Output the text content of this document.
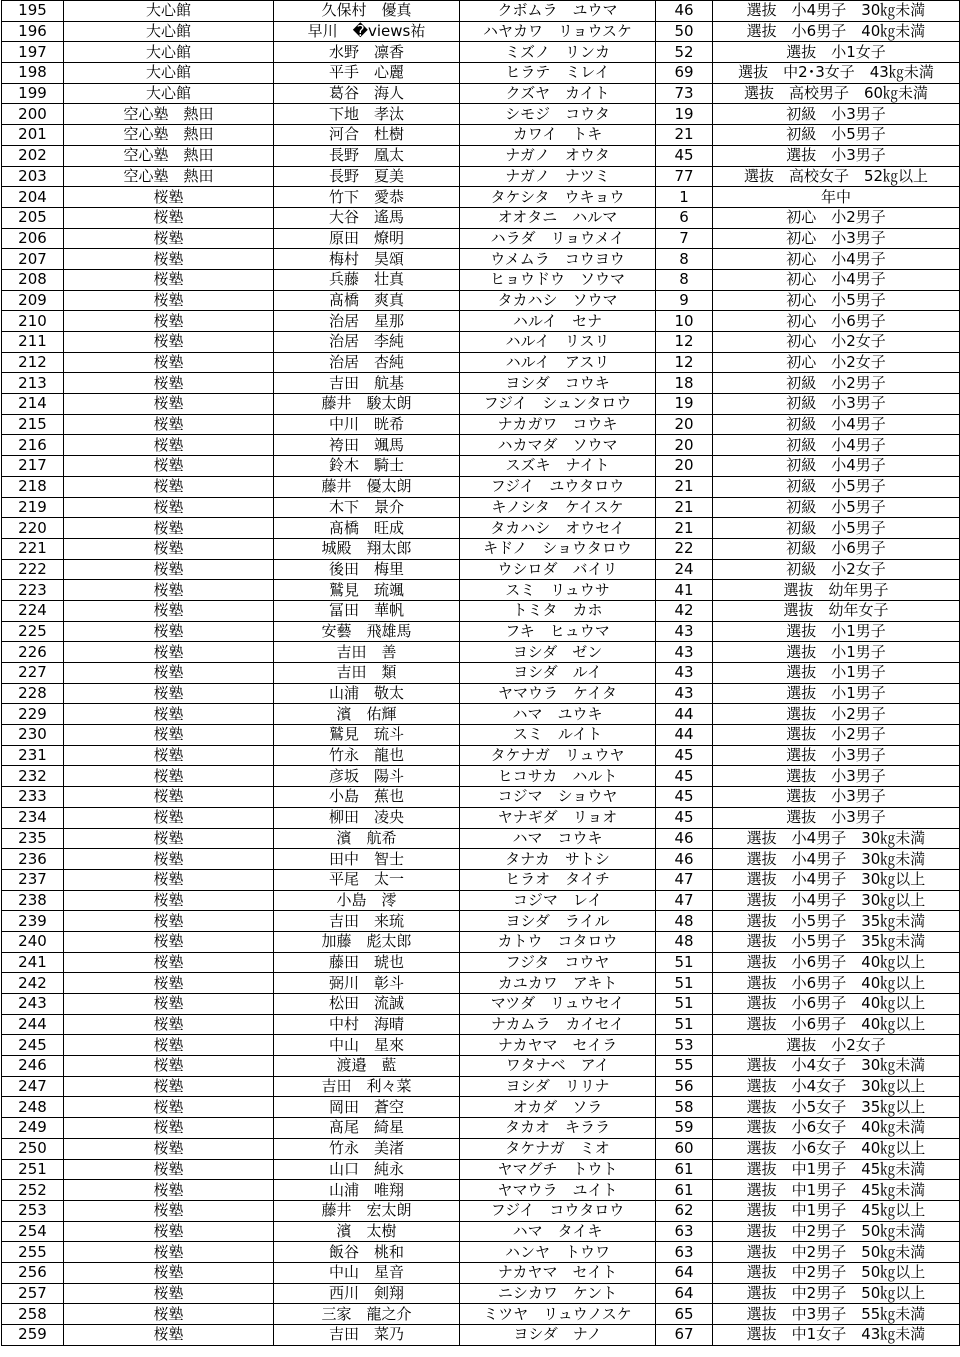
195	大心館	久保村　優真	クボムラ　ユウマ	46	選抜　小4男子　30㎏未満
196	大心館	早川　�views祐	ハヤカワ　リョウスケ	50	選抜　小6男子　40㎏未満
197	大心館	水野　凛香	ミズノ　リンカ	52	選抜　小1女子
198	大心館	平手　心麗	ヒラテ　ミレイ	69	選抜　中2･3女子　43㎏未満
199	大心館	葛谷　海人	クズヤ　カイト	73	選抜　高校男子　60㎏未満
200	空心塾　熱田	下地　孝汰	シモジ　コウタ	19	初級　小3男子
201	空心塾　熱田	河合　杜樹	カワイ　トキ	21	初級　小5男子
202	空心塾　熱田	長野　凰太	ナガノ　オウタ	45	選抜　小3男子
203	空心塾　熱田	長野　夏美	ナガノ　ナツミ	77	選抜　高校女子　52㎏以上
204	桜塾	竹下　愛恭	タケシタ　ウキョウ	1	年中
205	桜塾	大谷　遙馬	オオタニ　ハルマ	6	初心　小2男子
206	桜塾	原田　燎明	ハラダ　リョウメイ	7	初心　小3男子
207	桜塾	梅村　昊頌	ウメムラ　コウヨウ	8	初心　小4男子
208	桜塾	兵藤　壮真	ヒョウドウ　ソウマ	8	初心　小4男子
209	桜塾	髙橋　爽真	タカハシ　ソウマ	9	初心　小5男子
210	桜塾	治居　星那	ハルイ　セナ	10	初心　小6男子
211	桜塾	治居　李純	ハルイ　リスリ	12	初心　小2女子
212	桜塾	治居　杏純	ハルイ　アスリ	12	初心　小2女子
213	桜塾	吉田　航基	ヨシダ　コウキ	18	初級　小2男子
214	桜塾	藤井　駿太朗	フジイ　シュンタロウ	19	初級　小3男子
215	桜塾	中川　晄希	ナカガワ　コウキ	20	初級　小4男子
216	桜塾	袴田　颯馬	ハカマダ　ソウマ	20	初級　小4男子
217	桜塾	鈴木　騎士	スズキ　ナイト	20	初級　小4男子
218	桜塾	藤井　優太朗	フジイ　ユウタロウ	21	初級　小5男子
219	桜塾	木下　景介	キノシタ　ケイスケ	21	初級　小5男子
220	桜塾	髙橋　旺成	タカハシ　オウセイ	21	初級　小5男子
221	桜塾	城殿　翔太郎	キドノ　ショウタロウ	22	初級　小6男子
222	桜塾	後田　梅里	ウシロダ　バイリ	24	初級　小2女子
223	桜塾	鷲見　琉颯	スミ　リュウサ	41	選抜　幼年男子
224	桜塾	冨田　華帆	トミタ　カホ	42	選抜　幼年女子
225	桜塾	安藝　飛雄馬	フキ　ヒュウマ	43	選抜　小1男子
226	桜塾	吉田　善	ヨシダ　ゼン	43	選抜　小1男子
227	桜塾	吉田　類	ヨシダ　ルイ	43	選抜　小1男子
228	桜塾	山浦　敬太	ヤマウラ　ケイタ	43	選抜　小1男子
229	桜塾	濱　佑輝	ハマ　ユウキ	44	選抜　小2男子
230	桜塾	鷲見　琉斗	スミ　ルイト	44	選抜　小2男子
231	桜塾	竹永　龍也	タケナガ　リュウヤ	45	選抜　小3男子
232	桜塾	彦坂　陽斗	ヒコサカ　ハルト	45	選抜　小3男子
233	桜塾	小島　蕉也	コジマ　ショウヤ	45	選抜　小3男子
234	桜塾	柳田　凌央	ヤナギダ　リョオ	45	選抜　小3男子
235	桜塾	濱　航希	ハマ　コウキ	46	選抜　小4男子　30㎏未満
236	桜塾	田中　智士	タナカ　サトシ	46	選抜　小4男子　30㎏未満
237	桜塾	平尾　太一	ヒラオ　タイチ	47	選抜　小4男子　30㎏以上
238	桜塾	小島　澪	コジマ　レイ	47	選抜　小4男子　30㎏以上
239	桜塾	吉田　来琉	ヨシダ　ライル	48	選抜　小5男子　35㎏未満
240	桜塾	加藤　彪太郎	カトウ　コタロウ	48	選抜　小5男子　35㎏未満
241	桜塾	藤田　琥也	フジタ　コウヤ	51	選抜　小6男子　40㎏以上
242	桜塾	弼川　彰斗	カユカワ　アキト	51	選抜　小6男子　40㎏以上
243	桜塾	松田　流誠	マツダ　リュウセイ	51	選抜　小6男子　40㎏以上
244	桜塾	中村　海晴	ナカムラ　カイセイ	51	選抜　小6男子　40㎏以上
245	桜塾	中山　星來	ナカヤマ　セイラ	53	選抜　小2女子
246	桜塾	渡邉　藍	ワタナベ　アイ	55	選抜　小4女子　30㎏未満
247	桜塾	吉田　利々菜	ヨシダ　リリナ	56	選抜　小4女子　30㎏以上
248	桜塾	岡田　蒼空	オカダ　ソラ	58	選抜　小5女子　35㎏以上
249	桜塾	髙尾　綺星	タカオ　キララ	59	選抜　小6女子　40㎏未満
250	桜塾	竹永　美渚	タケナガ　ミオ	60	選抜　小6女子　40㎏以上
251	桜塾	山口　純永	ヤマグチ　トウト	61	選抜　中1男子　45㎏未満
252	桜塾	山浦　唯翔	ヤマウラ　ユイト	61	選抜　中1男子　45㎏未満
253	桜塾	藤井　宏太朗	フジイ　コウタロウ	62	選抜　中1男子　45㎏以上
254	桜塾	濱　太樹	ハマ　タイキ	63	選抜　中2男子　50㎏未満
255	桜塾	飯谷　桃和	ハンヤ　トウワ	63	選抜　中2男子　50㎏未満
256	桜塾	中山　星音	ナカヤマ　セイト	64	選抜　中2男子　50㎏以上
257	桜塾	西川　剣翔	ニシカワ　ケント	64	選抜　中2男子　50㎏以上
258	桜塾	三家　龍之介	ミツヤ　リュウノスケ	65	選抜　中3男子　55㎏未満
259	桜塾	吉田　菜乃	ヨシダ　ナノ	67	選抜　中1女子　43㎏未満
